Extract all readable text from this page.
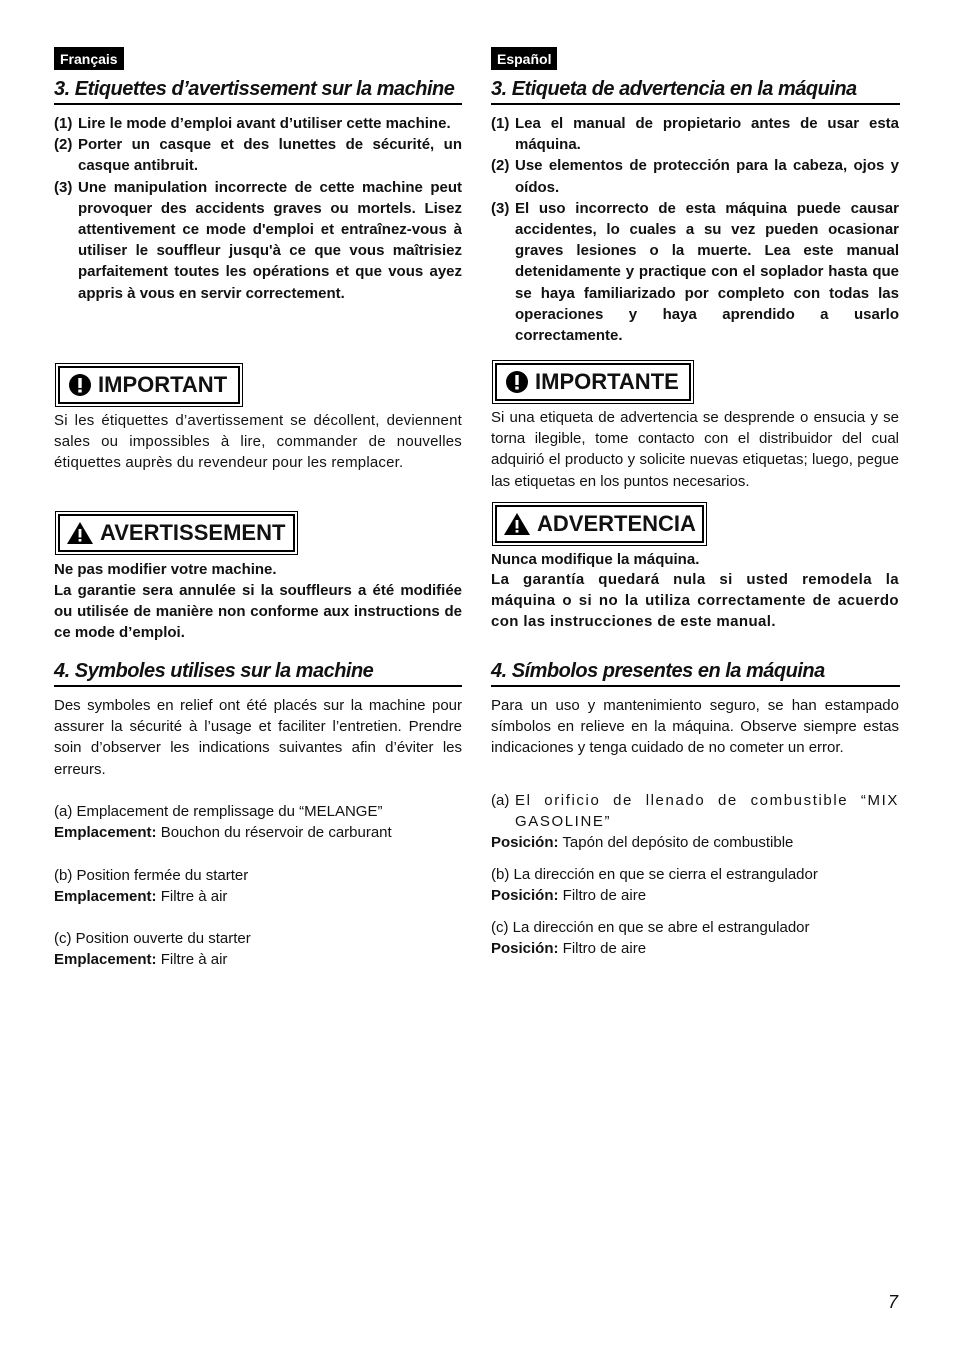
Français
3. Etiquettes d’avertissement sur la machine
(1) Lire le mode d’emploi avant d’utiliser cette machine.
(2) Porter un casque et des lunettes de sécurité, un casque antibruit.
(3) Une manipulation incorrecte de cette machine peut provoquer des accidents graves ou mortels. Lisez attentivement ce mode d'emploi et entraînez-vous à utiliser le souffleur jusqu'à ce que vous maîtrisiez parfaitement toutes les opérations et que vous ayez appris à vous en servir correctement.
IMPORTANT

Si les étiquettes d’avertissement se décollent, deviennent sales ou impossibles à lire, commander de nouvelles étiquettes auprès du revendeur pour les remplacer.

AVERTISSEMENT

Ne pas modifier votre machine.

La garantie sera annulée si la souffleurs a été modifiée ou utilisée de manière non conforme aux instructions de ce mode d’emploi.

4. Symboles utilises sur la machine

Des symboles en relief ont été placés sur la machine pour assurer la sécurité à l’usage et faciliter l’entretien. Prendre soin d’observer les indications suivantes afin d’éviter les erreurs.

(a) Emplacement de remplissage du “MELANGE”
Emplacement: Bouchon du réservoir de carburant
(b) Position fermée du starter
Emplacement: Filtre à air
(c) Position ouverte du starter
Emplacement: Filtre à air
Español
3. Etiqueta de advertencia en la máquina
(1) Lea el manual de propietario antes de usar esta máquina.
(2) Use elementos de protección para la cabeza, ojos y oídos.
(3) El uso incorrecto de esta máquina puede causar accidentes, lo cuales a su vez pueden ocasionar graves lesiones o la muerte. Lea este manual detenidamente y practique con el soplador hasta que se haya familiarizado por completo con todas las operaciones y haya aprendido a usarlo correctamente.
IMPORTANTE

Si una etiqueta de advertencia se desprende o ensucia y se torna ilegible, tome contacto con el distribuidor del cual adquirió el producto y solicite nuevas etiquetas; luego, pegue las etiquetas en los puntos necesarios.

ADVERTENCIA

Nunca modifique la máquina.

La garantía quedará nula si usted remodela la máquina o si no la utiliza correctamente de acuerdo con las instrucciones de este manual.

4. Símbolos presentes en la máquina

Para un uso y mantenimiento seguro, se han estampado símbolos en relieve en la máquina. Observe siempre estas indicaciones y tenga cuidado de no cometer un error.

(a) El orificio de llenado de combustible “MIX GASOLINE”
Posición: Tapón del depósito de combustible
(b) La dirección en que se cierra el estrangulador
Posición: Filtro de aire
(c) La dirección en que se abre el estrangulador
Posición: Filtro de aire
7
